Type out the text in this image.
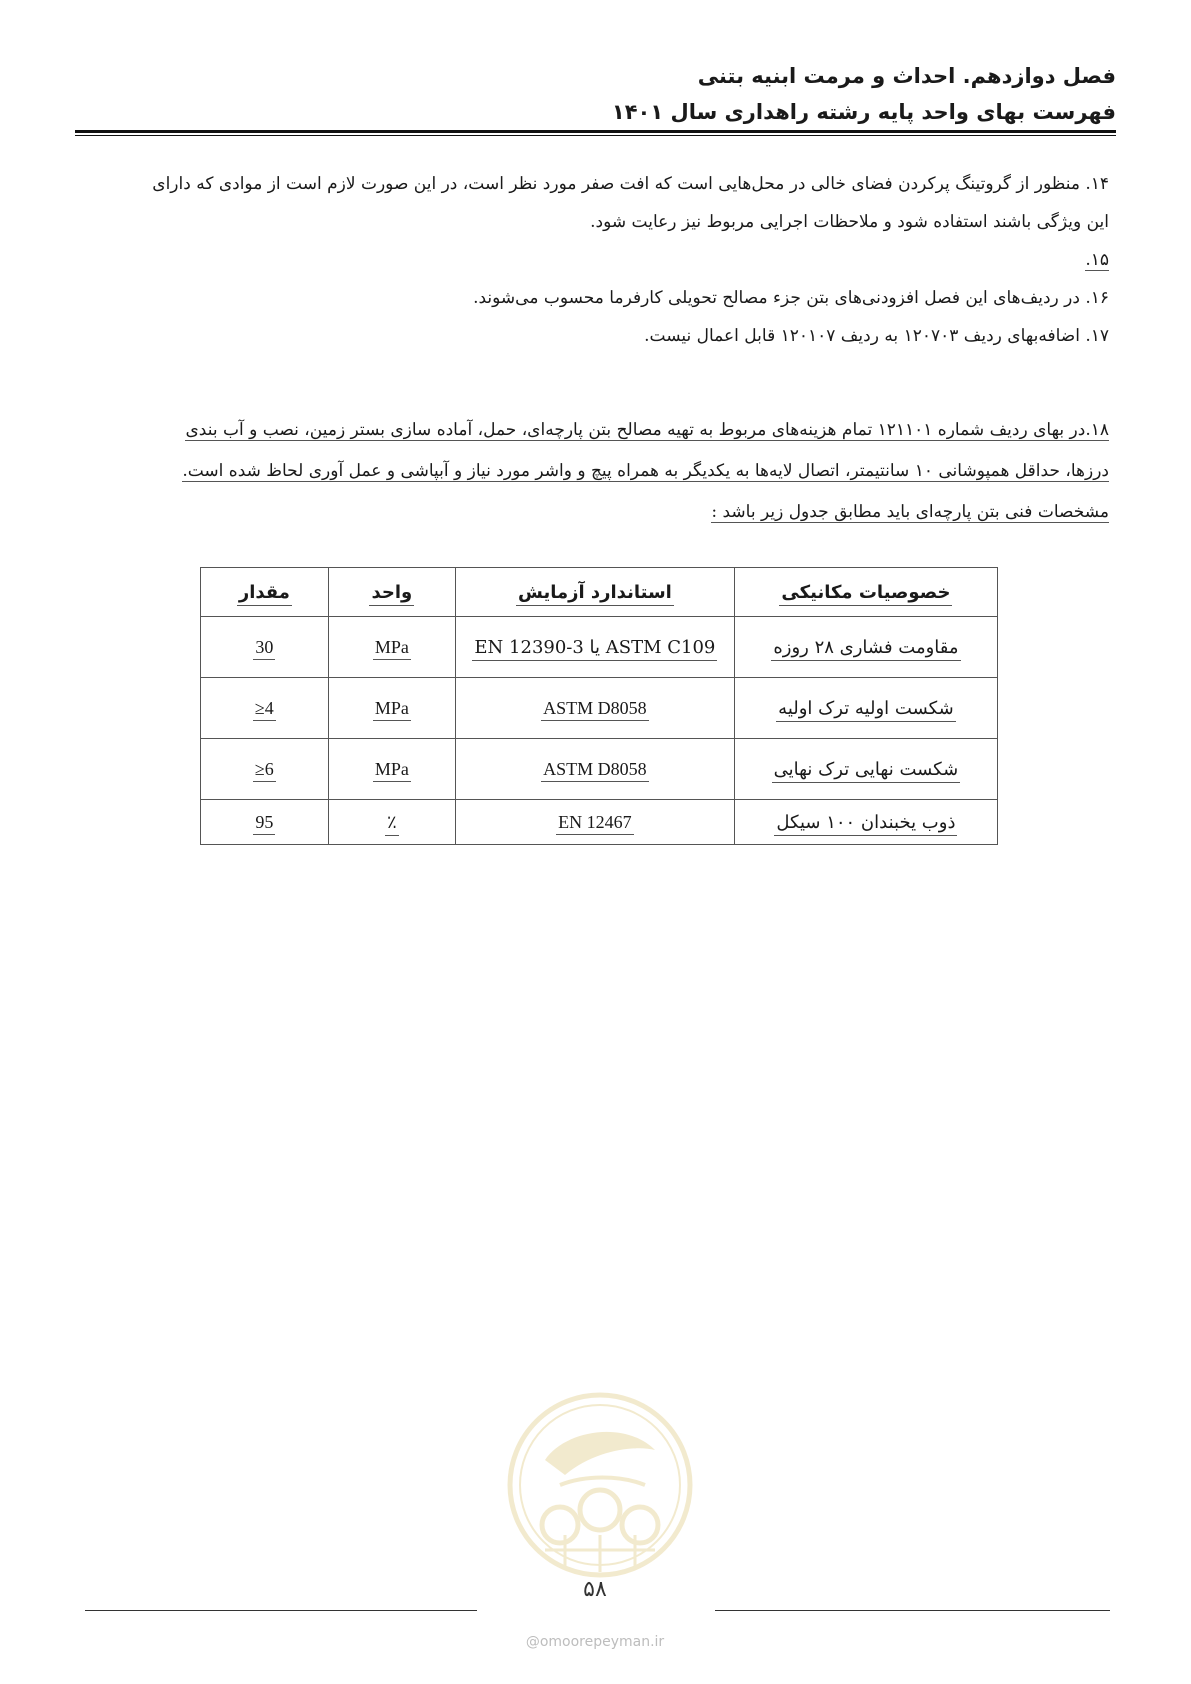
فصل دوازدهم. احداث و مرمت ابنیه بتنی
فهرست بهای واحد پایه رشته راهداری سال ۱۴۰۱

۱۴. منظور از گروتینگ پرکردن فضای خالی در محل‌هایی است که افت صفر مورد نظر است، در این صورت لازم است از موادی که دارای

این ویژگی باشند استفاده شود و ملاحظات اجرایی مربوط نیز رعایت شود.

۱۵.

۱۶. در ردیف‌های این فصل افزودنی‌های بتن جزء مصالح تحویلی کارفرما محسوب می‌شوند.

۱۷. اضافه‌بهای ردیف ۱۲۰۷۰۳ به ردیف ۱۲۰۱۰۷ قابل اعمال نیست.

۱۸.در بهای ردیف شماره ۱۲۱۱۰۱ تمام هزینه‌های مربوط به تهیه مصالح بتن پارچه‌ای، حمل، آماده سازی بستر زمین، نصب و آب بندی

درزها، حداقل همپوشانی ۱۰ سانتیمتر، اتصال لایه‌ها به یکدیگر به همراه پیچ و واشر مورد نیاز و آبپاشی و عمل آوری لحاظ شده است.

مشخصات فنی بتن پارچه‌ای باید مطابق جدول زیر باشد :

خصوصیات مکانیکی	استاندارد آزمایش	واحد	مقدار
مقاومت فشاری ۲۸ روزه	ASTM C109 یا EN 12390-3	MPa	30
شکست اولیه ترک اولیه	ASTM D8058	MPa	≥4
شکست نهایی ترک نهایی	ASTM D8058	MPa	≥6
ذوب یخبندان ۱۰۰ سیکل	EN 12467	٪	95
۵۸
@omoorepeyman.ir
